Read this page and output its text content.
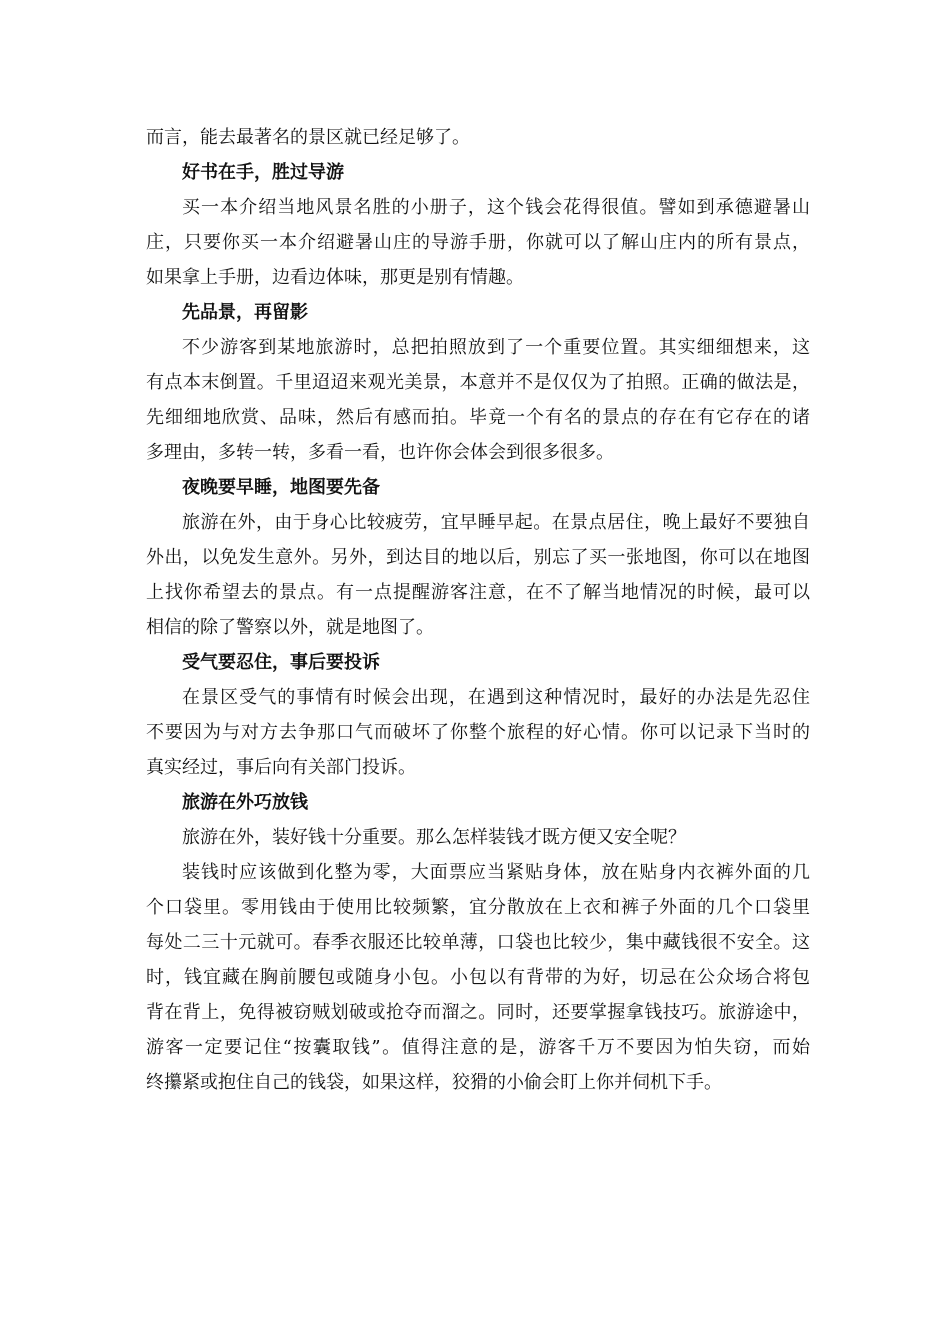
而言，能去最著名的景区就已经足够了。

好书在手，胜过导游

买一本介绍当地风景名胜的小册子，这个钱会花得很值。譬如到承德避暑山

庄，只要你买一本介绍避暑山庄的导游手册，你就可以了解山庄内的所有景点，

如果拿上手册，边看边体味，那更是别有情趣。

先品景，再留影

不少游客到某地旅游时，总把拍照放到了一个重要位置。其实细细想来，这

有点本末倒置。千里迢迢来观光美景，本意并不是仅仅为了拍照。正确的做法是，

先细细地欣赏、品味，然后有感而拍。毕竟一个有名的景点的存在有它存在的诸

多理由，多转一转，多看一看，也许你会体会到很多很多。

夜晚要早睡，地图要先备

旅游在外，由于身心比较疲劳，宜早睡早起。在景点居住，晚上最好不要独自

外出，以免发生意外。另外，到达目的地以后，别忘了买一张地图，你可以在地图

上找你希望去的景点。有一点提醒游客注意，在不了解当地情况的时候，最可以

相信的除了警察以外，就是地图了。

受气要忍住，事后要投诉

在景区受气的事情有时候会出现，在遇到这种情况时，最好的办法是先忍住

不要因为与对方去争那口气而破坏了你整个旅程的好心情。你可以记录下当时的

真实经过，事后向有关部门投诉。

旅游在外巧放钱

旅游在外，装好钱十分重要。那么怎样装钱才既方便又安全呢？

装钱时应该做到化整为零，大面票应当紧贴身体，放在贴身内衣裤外面的几

个口袋里。零用钱由于使用比较频繁，宜分散放在上衣和裤子外面的几个口袋里

每处二三十元就可。春季衣服还比较单薄，口袋也比较少，集中藏钱很不安全。这

时，钱宜藏在胸前腰包或随身小包。小包以有背带的为好，切忌在公众场合将包

背在背上，免得被窃贼划破或抢夺而溜之。同时，还要掌握拿钱技巧。旅游途中，

游客一定要记住“按囊取钱”。值得注意的是，游客千万不要因为怕失窃，而始

终攥紧或抱住自己的钱袋，如果这样，狡猾的小偷会盯上你并伺机下手。
